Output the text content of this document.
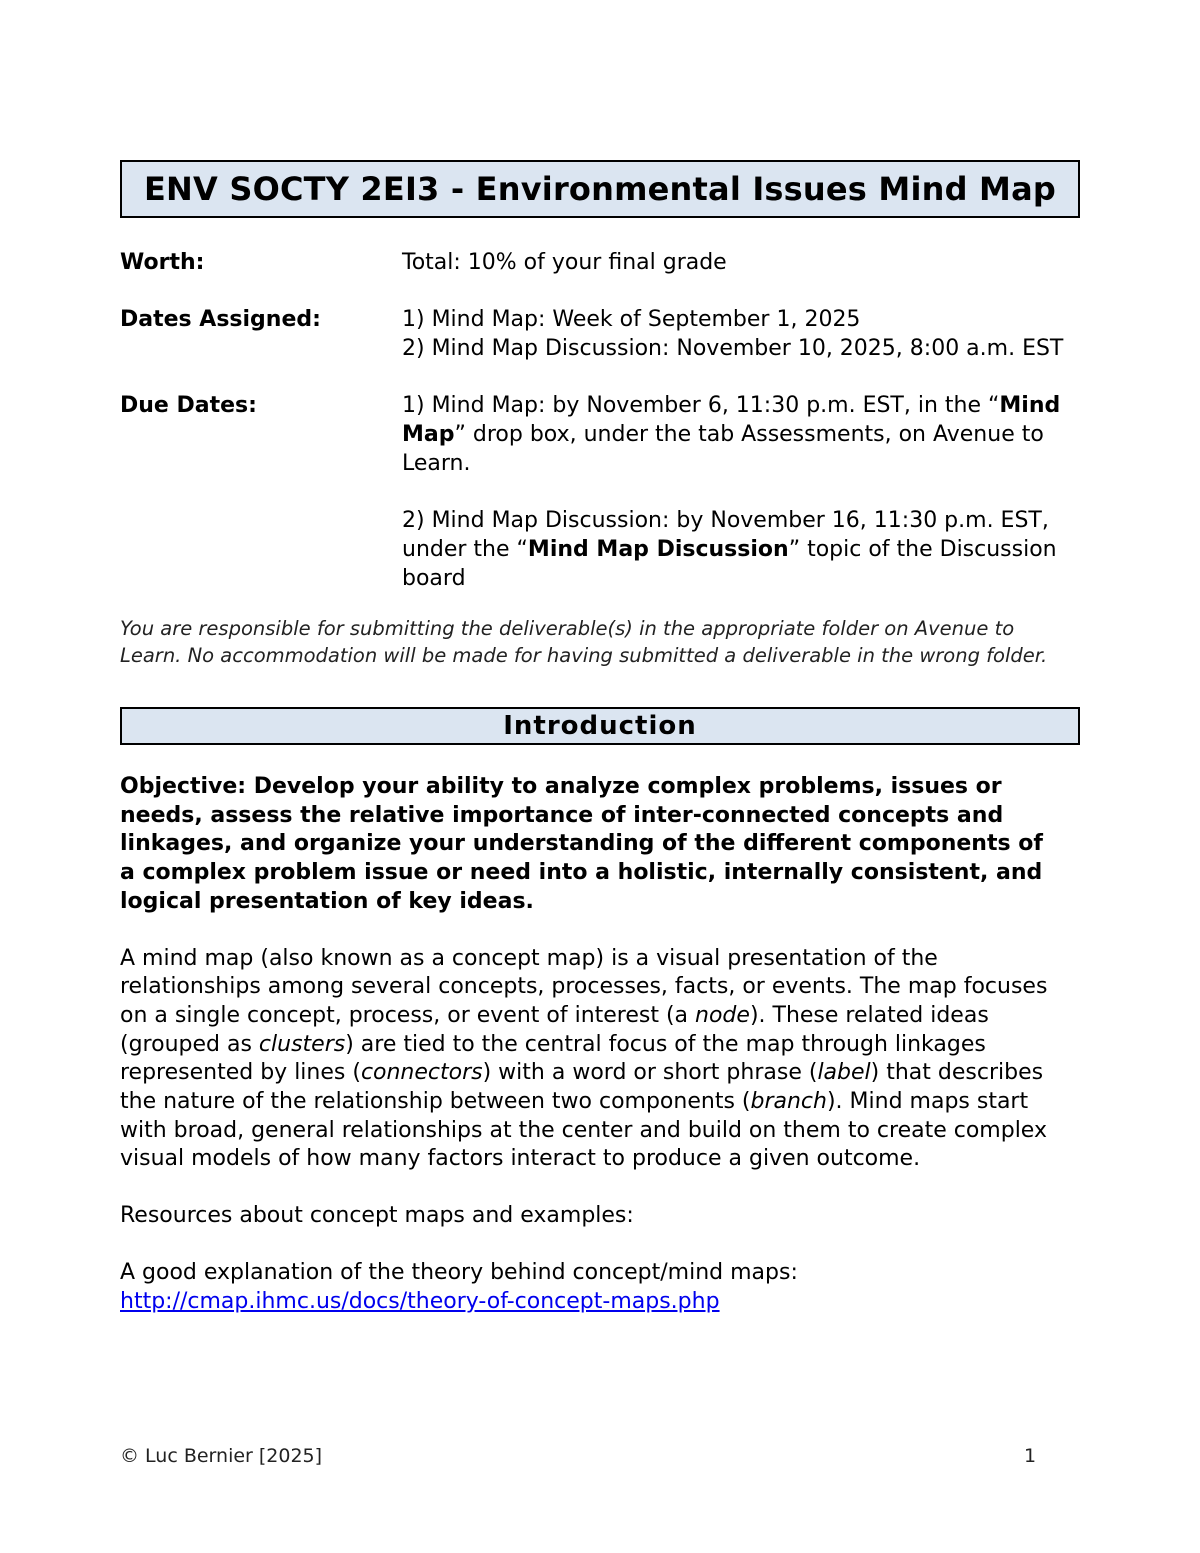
ENV SOCTY 2EI3 - Environmental Issues Mind Map
Worth:	Total: 10% of your final grade
Dates Assigned:	1) Mind Map: Week of September 1, 2025
2) Mind Map Discussion: November 10, 2025, 8:00 a.m. EST
Due Dates:	1) Mind Map: by November 6, 11:30 p.m. EST, in the “Mind Map” drop box, under the tab Assessments, on Avenue to Learn.

2) Mind Map Discussion: by November 16, 11:30 p.m. EST, under the “Mind Map Discussion” topic of the Discussion board

You are responsible for submitting the deliverable(s) in the appropriate folder on Avenue to Learn. No accommodation will be made for having submitted a deliverable in the wrong folder.
Introduction
Objective: Develop your ability to analyze complex problems, issues or needs, assess the relative importance of inter-connected concepts and linkages, and organize your understanding of the different components of a complex problem issue or need into a holistic, internally consistent, and logical presentation of key ideas.
A mind map (also known as a concept map) is a visual presentation of the relationships among several concepts, processes, facts, or events. The map focuses on a single concept, process, or event of interest (a node). These related ideas (grouped as clusters) are tied to the central focus of the map through linkages represented by lines (connectors) with a word or short phrase (label) that describes the nature of the relationship between two components (branch). Mind maps start with broad, general relationships at the center and build on them to create complex visual models of how many factors interact to produce a given outcome.
Resources about concept maps and examples:
A good explanation of the theory behind concept/mind maps:
http://cmap.ihmc.us/docs/theory-of-concept-maps.php
© Luc Bernier [2025]	1
